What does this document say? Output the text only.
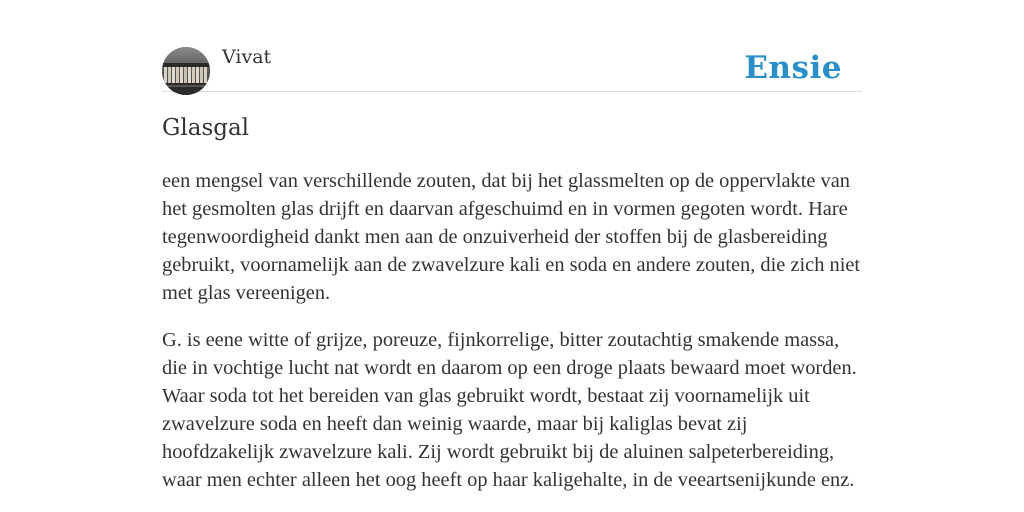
Vivat	Ensie
Glasgal

een mengsel van verschillende zouten, dat bij het glassmelten op de oppervlakte van het gesmolten glas drijft en daarvan afgeschuimd en in vormen gegoten wordt. Hare tegenwoordigheid dankt men aan de onzuiverheid der stoffen bij de glasbereiding gebruikt, voornamelijk aan de zwavelzure kali en soda en andere zouten, die zich niet met glas vereenigen.

G. is eene witte of grijze, poreuze, fijnkorrelige, bitter zoutachtig smakende massa, die in vochtige lucht nat wordt en daarom op een droge plaats bewaard moet worden. Waar soda tot het bereiden van glas gebruikt wordt, bestaat zij voornamelijk uit zwavelzure soda en heeft dan weinig waarde, maar bij kaliglas bevat zij hoofdzakelijk zwavelzure kali. Zij wordt gebruikt bij de aluinen salpeterbereiding, waar men echter alleen het oog heeft op haar kaligehalte, in de veeartsenijkunde enz.
